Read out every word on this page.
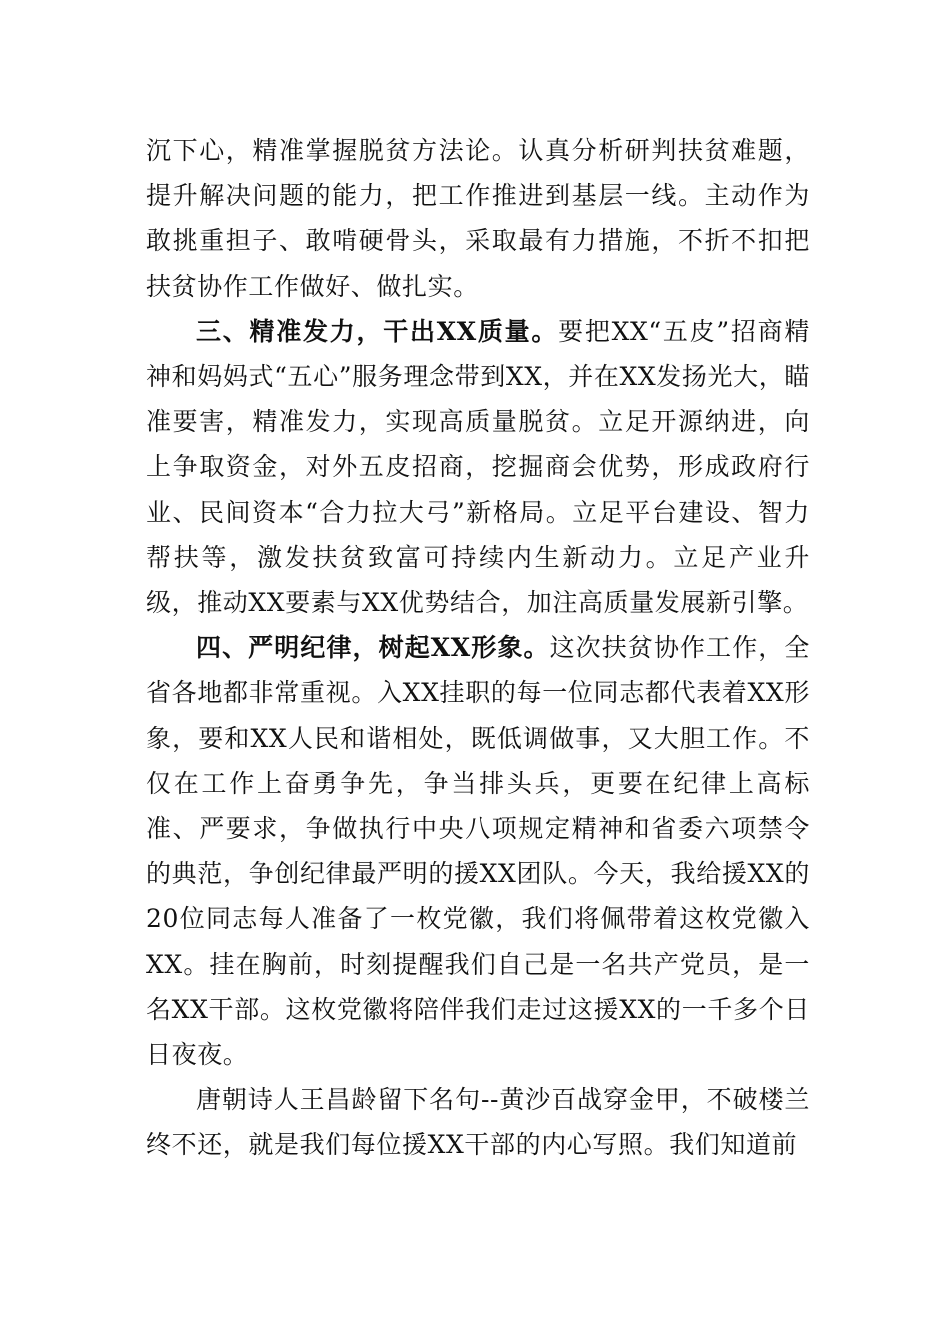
沉下心，精准掌握脱贫方法论。认真分析研判扶贫难题，提升解决问题的能力，把工作推进到基层一线。主动作为敢挑重担子、敢啃硬骨头，采取最有力措施，不折不扣把扶贫协作工作做好、做扎实。

三、精准发力，干出XX质量。要把XX“五皮”招商精神和妈妈式“五心”服务理念带到XX，并在XX发扬光大，瞄准要害，精准发力，实现高质量脱贫。立足开源纳进，向上争取资金，对外五皮招商，挖掘商会优势，形成政府行业、民间资本“合力拉大弓”新格局。立足平台建设、智力帮扶等，激发扶贫致富可持续内生新动力。立足产业升级，推动XX要素与XX优势结合，加注高质量发展新引擎。

四、严明纪律，树起XX形象。这次扶贫协作工作，全省各地都非常重视。入XX挂职的每一位同志都代表着XX形象，要和XX人民和谐相处，既低调做事，又大胆工作。不仅在工作上奋勇争先，争当排头兵，更要在纪律上高标准、严要求，争做执行中央八项规定精神和省委六项禁令的典范，争创纪律最严明的援XX团队。今天，我给援XX的20位同志每人准备了一枚党徽，我们将佩带着这枚党徽入XX。挂在胸前，时刻提醒我们自己是一名共产党员，是一名XX干部。这枚党徽将陪伴我们走过这援XX的一千多个日日夜夜。

唐朝诗人王昌龄留下名句--黄沙百战穿金甲，不破楼兰终不还，就是我们每位援XX干部的内心写照。我们知道前
